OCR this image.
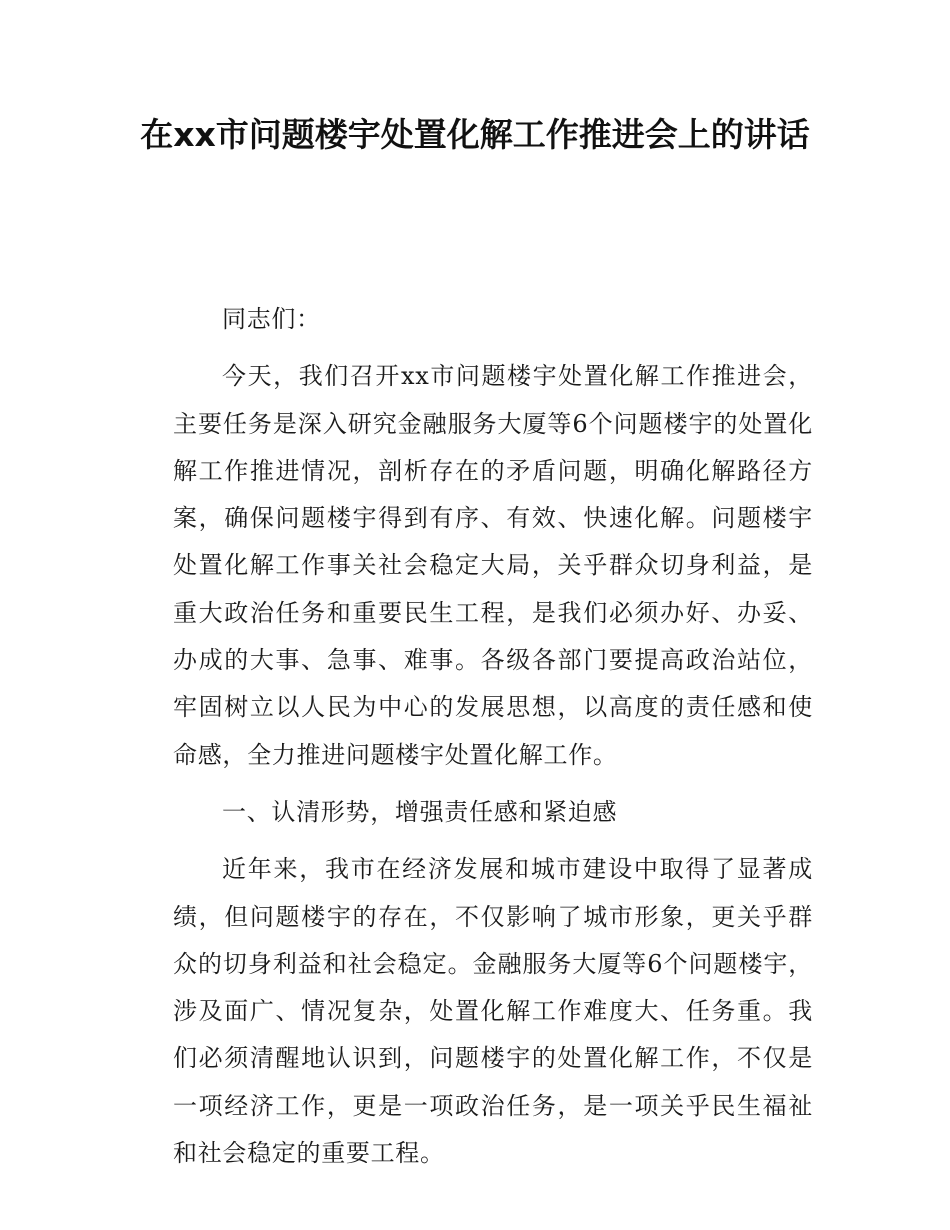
在xx市问题楼宇处置化解工作推进会上的讲话

同志们：

今天，我们召开xx市问题楼宇处置化解工作推进会，主要任务是深入研究金融服务大厦等6个问题楼宇的处置化解工作推进情况，剖析存在的矛盾问题，明确化解路径方案，确保问题楼宇得到有序、有效、快速化解。问题楼宇处置化解工作事关社会稳定大局，关乎群众切身利益，是重大政治任务和重要民生工程，是我们必须办好、办妥、办成的大事、急事、难事。各级各部门要提高政治站位，牢固树立以人民为中心的发展思想，以高度的责任感和使命感，全力推进问题楼宇处置化解工作。

一、认清形势，增强责任感和紧迫感

近年来，我市在经济发展和城市建设中取得了显著成绩，但问题楼宇的存在，不仅影响了城市形象，更关乎群众的切身利益和社会稳定。金融服务大厦等6个问题楼宇，涉及面广、情况复杂，处置化解工作难度大、任务重。我们必须清醒地认识到，问题楼宇的处置化解工作，不仅是一项经济工作，更是一项政治任务，是一项关乎民生福祉和社会稳定的重要工程。
